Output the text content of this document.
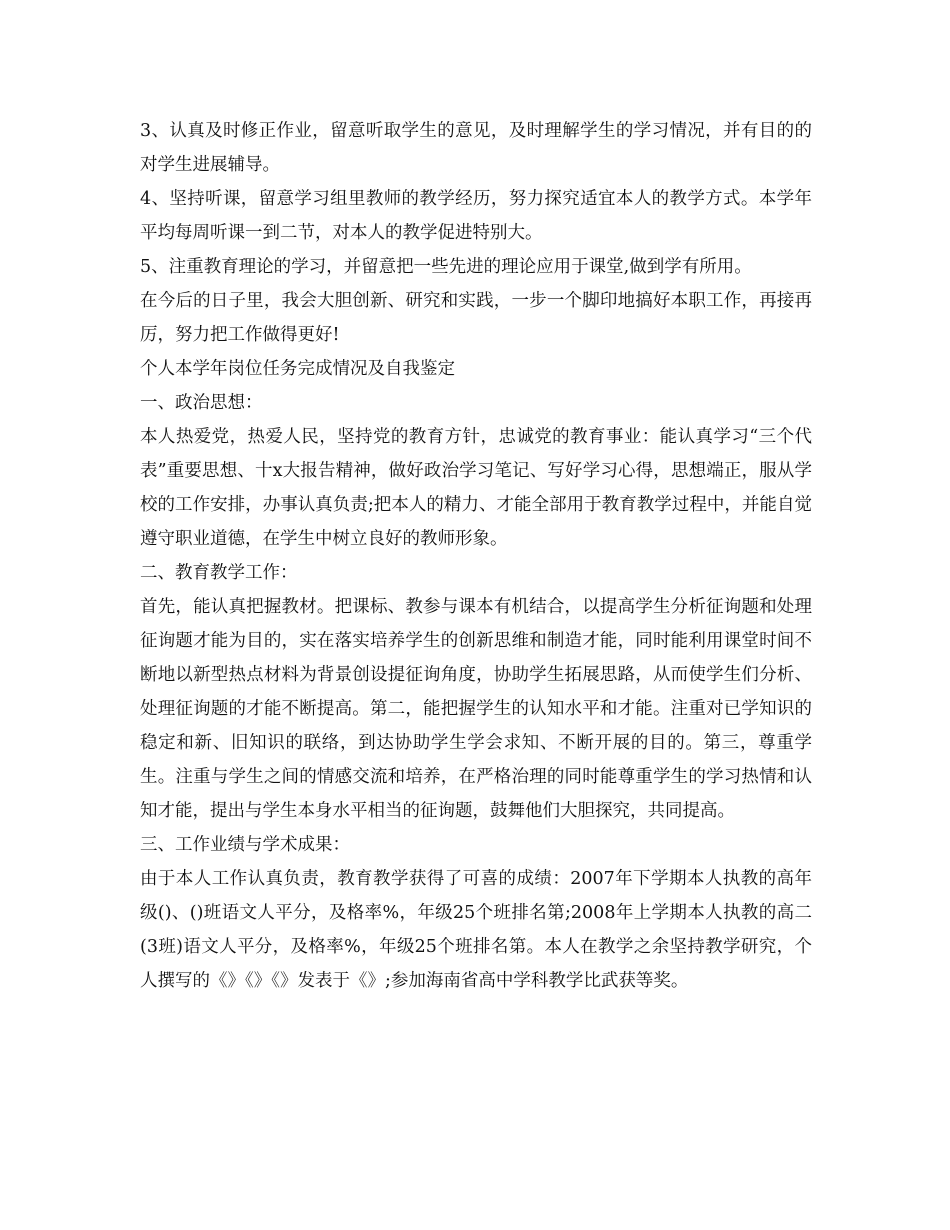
3、认真及时修正作业，留意听取学生的意见，及时理解学生的学习情况，并有目的的对学生进展辅导。

4、坚持听课，留意学习组里教师的教学经历，努力探究适宜本人的教学方式。本学年平均每周听课一到二节，对本人的教学促进特别大。

5、注重教育理论的学习，并留意把一些先进的理论应用于课堂,做到学有所用。

在今后的日子里，我会大胆创新、研究和实践，一步一个脚印地搞好本职工作，再接再厉，努力把工作做得更好!

个人本学年岗位任务完成情况及自我鉴定

一、政治思想：

本人热爱党，热爱人民，坚持党的教育方针，忠诚党的教育事业：能认真学习“三个代表”重要思想、十x大报告精神，做好政治学习笔记、写好学习心得，思想端正，服从学校的工作安排，办事认真负责;把本人的精力、才能全部用于教育教学过程中，并能自觉遵守职业道德，在学生中树立良好的教师形象。

二、教育教学工作：

首先，能认真把握教材。把课标、教参与课本有机结合，以提高学生分析征询题和处理征询题才能为目的，实在落实培养学生的创新思维和制造才能，同时能利用课堂时间不断地以新型热点材料为背景创设提征询角度，协助学生拓展思路，从而使学生们分析、处理征询题的才能不断提高。第二，能把握学生的认知水平和才能。注重对已学知识的稳定和新、旧知识的联络，到达协助学生学会求知、不断开展的目的。第三，尊重学生。注重与学生之间的情感交流和培养，在严格治理的同时能尊重学生的学习热情和认知才能，提出与学生本身水平相当的征询题，鼓舞他们大胆探究，共同提高。

三、工作业绩与学术成果：

由于本人工作认真负责，教育教学获得了可喜的成绩：2007年下学期本人执教的高年级()、()班语文人平分，及格率%，年级25个班排名第;2008年上学期本人执教的高二(3班)语文人平分，及格率%，年级25个班排名第。本人在教学之余坚持教学研究，个人撰写的《》《》《》发表于《》;参加海南省高中学科教学比武获等奖。
